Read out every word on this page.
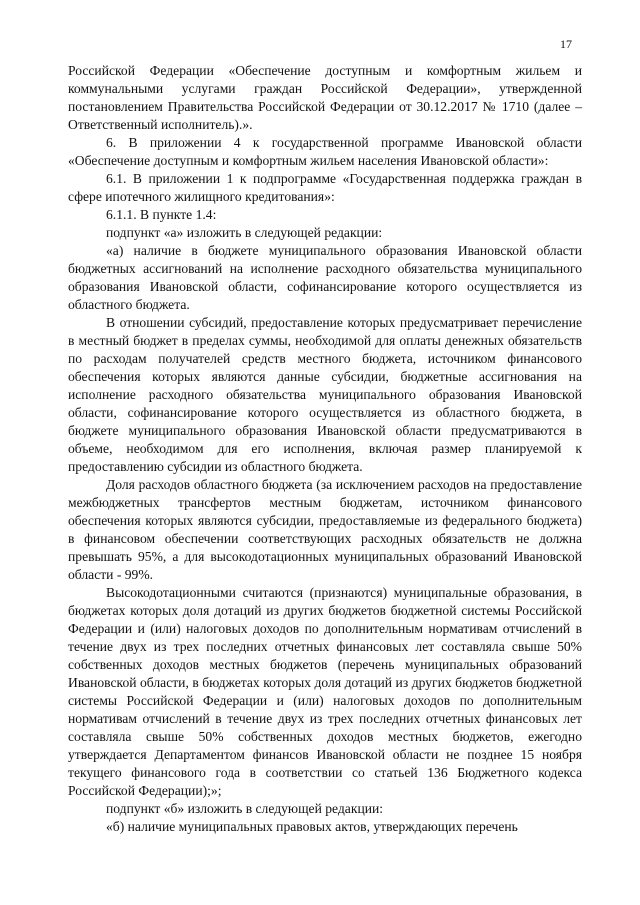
17

Российской Федерации «Обеспечение доступным и комфортным жильем и коммунальными услугами граждан Российской Федерации», утвержденной постановлением Правительства Российской Федерации от 30.12.2017 № 1710 (далее – Ответственный исполнитель).».

6. В приложении 4 к государственной программе Ивановской области «Обеспечение доступным и комфортным жильем населения Ивановской области»:

6.1. В приложении 1 к подпрограмме «Государственная поддержка граждан в сфере ипотечного жилищного кредитования»:

6.1.1. В пункте 1.4:

подпункт «а» изложить в следующей редакции:

«а) наличие в бюджете муниципального образования Ивановской области бюджетных ассигнований на исполнение расходного обязательства муниципального образования Ивановской области, софинансирование которого осуществляется из областного бюджета.

В отношении субсидий, предоставление которых предусматривает перечисление в местный бюджет в пределах суммы, необходимой для оплаты денежных обязательств по расходам получателей средств местного бюджета, источником финансового обеспечения которых являются данные субсидии, бюджетные ассигнования на исполнение расходного обязательства муниципального образования Ивановской области, софинансирование которого осуществляется из областного бюджета, в бюджете муниципального образования Ивановской области предусматриваются в объеме, необходимом для его исполнения, включая размер планируемой к предоставлению субсидии из областного бюджета.

Доля расходов областного бюджета (за исключением расходов на предоставление межбюджетных трансфертов местным бюджетам, источником финансового обеспечения которых являются субсидии, предоставляемые из федерального бюджета) в финансовом обеспечении соответствующих расходных обязательств не должна превышать 95%, а для высокодотационных муниципальных образований Ивановской области - 99%.

Высокодотационными считаются (признаются) муниципальные образования, в бюджетах которых доля дотаций из других бюджетов бюджетной системы Российской Федерации и (или) налоговых доходов по дополнительным нормативам отчислений в течение двух из трех последних отчетных финансовых лет составляла свыше 50% собственных доходов местных бюджетов (перечень муниципальных образований Ивановской области, в бюджетах которых доля дотаций из других бюджетов бюджетной системы Российской Федерации и (или) налоговых доходов по дополнительным нормативам отчислений в течение двух из трех последних отчетных финансовых лет составляла свыше 50% собственных доходов местных бюджетов, ежегодно утверждается Департаментом финансов Ивановской области не позднее 15 ноября текущего финансового года в соответствии со статьей 136 Бюджетного кодекса Российской Федерации);»;

подпункт «б» изложить в следующей редакции:

«б) наличие муниципальных правовых актов, утверждающих перечень
